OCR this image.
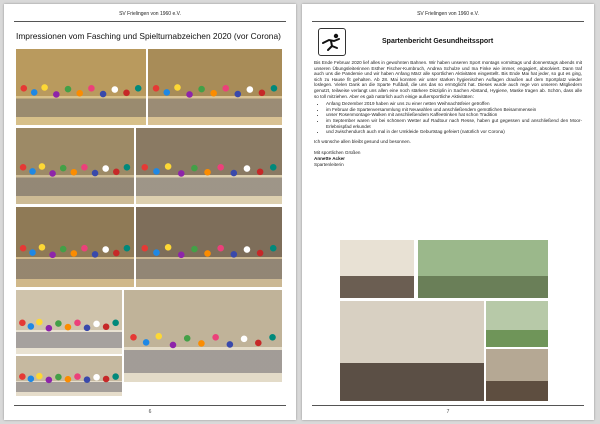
SV Frielingen von 1960 e.V.
Impressionen vom Fasching und Spielturnabzeichen 2020 (vor Corona)
6
SV Frielingen von 1960 e.V.
Spartenbericht Gesundheitssport

Bis Ende Februar 2020 lief alles in gewohnten Bahnen. Wir haben unseren Sport montags vormittags und donnerstags abends mit unseren Übungsleiterinnen Esther Fischer-Kumbruch, Andrea Schulze und Ina Finke wie immer, engagiert, absolviert. Dann traf auch uns die Pandemie und wir haben Anfang März alle sportlichen Aktivitäten eingestellt. Bis Ende Mai hat jeder, so gut es ging, sich zu Hause fit gehalten. Ab 28. Mai konnten wir unter starken hygienischen Auflagen draußen auf dem Sportplatz wieder loslegen. Vielen Dank an die Sparte Fußball, die uns das so ermöglicht hat. Dieses wurde auch rege von unseren Mitgliedern genutzt, teilweise verlangt uns allen eine noch stärkere Disziplin in Sachen Abstand, Hygiene, Maske tragen ab. Schön, dass alle so toll mitziehen. Aber es gab natürlich auch einige außersportliche Aktivitäten:

• Anfang Dezember 2019 haben wir uns zu einer netten Weihnachtsfeier getroffen
• im Februar die Spartenversammlung mit Neuwahlen und anschließendem gemütlichen Beisammensein
• unser Rosenmontage-Walken mit anschließendem Kaffeetrinken hat schon Tradition
• im September waren wir bei schönem Wetter auf Radtour nach Resse, haben gut gegessen und anschließend den Moor-Erlebnispfad erkundet
• und zwischendurch auch mal in der Umkleide Geburtstag gefeiert (natürlich vor Corona)

Ich wünsche allen bleibt gesund und besonnen.

Mit sportlichen Grüßen
Annette Acker
Spartenleiterin
7
